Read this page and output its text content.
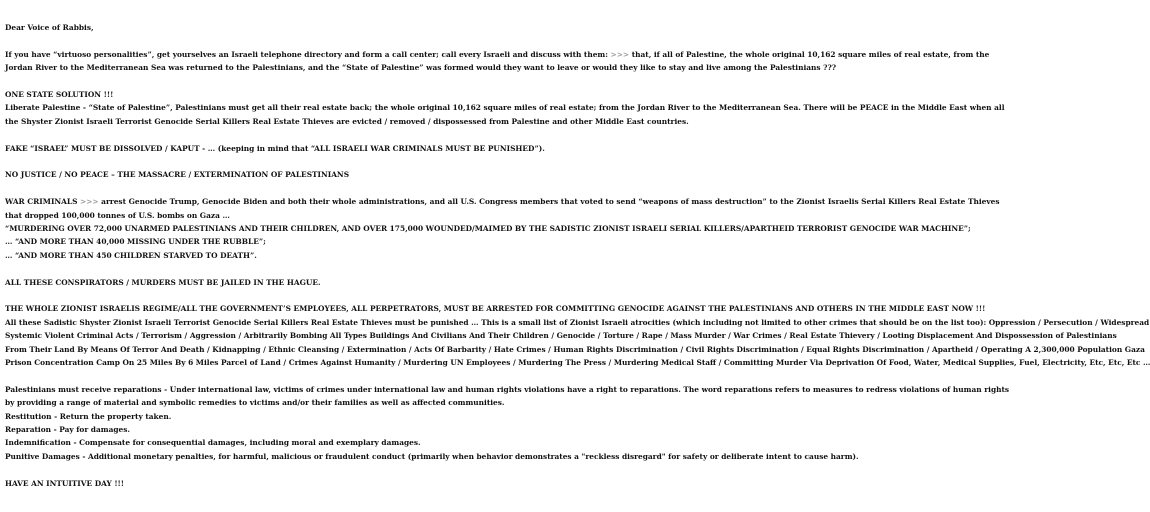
Dear Voice of Rabbis,
If you have “virtuoso personalities”, get yourselves an Israeli telephone directory and form a call center; call every Israeli and discuss with them: >>> that, if all of Palestine, the whole original 10,162 square miles of real estate, from the Jordan River to the Mediterranean Sea was returned to the Palestinians, and the “State of Palestine” was formed would they want to leave or would they like to stay and live among the Palestinians ???
ONE STATE SOLUTION !!!
Liberate Palestine - “State of Palestine”, Palestinians must get all their real estate back; the whole original 10,162 square miles of real estate; from the Jordan River to the Mediterranean Sea. There will be PEACE in the Middle East when all the Shyster Zionist Israeli Terrorist Genocide Serial Killers Real Estate Thieves are evicted / removed / dispossessed from Palestine and other Middle East countries.
FAKE “ISRAEL” MUST BE DISSOLVED / KAPUT - … (keeping in mind that “ALL ISRAELI WAR CRIMINALS MUST BE PUNISHED”).
NO JUSTICE / NO PEACE – THE MASSACRE / EXTERMINATION OF PALESTINIANS
WAR CRIMINALS >>> arrest Genocide Trump, Genocide Biden and both their whole administrations, and all U.S. Congress members that voted to send “weapons of mass destruction” to the Zionist Israelis Serial Killers Real Estate Thieves that dropped 100,000 tonnes of U.S. bombs on Gaza …
“MURDERING OVER 72,000 UNARMED PALESTINIANS AND THEIR CHILDREN, AND OVER 175,000 WOUNDED/MAIMED BY THE SADISTIC ZIONIST ISRAELI SERIAL KILLERS/APARTHEID TERRORIST GENOCIDE WAR MACHINE”;
… “AND MORE THAN 40,000 MISSING UNDER THE RUBBLE”;
… “AND MORE THAN 450 CHILDREN STARVED TO DEATH”.
ALL THESE CONSPIRATORS / MURDERS MUST BE JAILED IN THE HAGUE.
THE WHOLE ZIONIST ISRAELIS REGIME/ALL THE GOVERNMENT’S EMPLOYEES, ALL PERPETRATORS, MUST BE ARRESTED FOR COMMITTING GENOCIDE AGAINST THE PALESTINIANS AND OTHERS IN THE MIDDLE EAST NOW !!!
All these Sadistic Shyster Zionist Israeli Terrorist Genocide Serial Killers Real Estate Thieves must be punished … This is a small list of Zionist Israeli atrocities (which including not limited to other crimes that should be on the list too): Oppression / Persecution / Widespread
Systemic Violent Criminal Acts / Terrorism / Aggression / Arbitrarily Bombing All Types Buildings And Civilians And Their Children / Genocide / Torture / Rape / Mass Murder / War Crimes / Real Estate Thievery / Looting Displacement And Dispossession of Palestinians
From Their Land By Means Of Terror And Death / Kidnapping / Ethnic Cleansing / Extermination / Acts Of Barbarity / Hate Crimes / Human Rights Discrimination / Civil Rights Discrimination / Equal Rights Discrimination / Apartheid / Operating A 2,300,000 Population Gaza
Prison Concentration Camp On 25 Miles By 6 Miles Parcel of Land / Crimes Against Humanity / Murdering UN Employees / Murdering The Press / Murdering Medical Staff / Committing Murder Via Deprivation Of Food, Water, Medical Supplies, Fuel, Electricity, Etc, Etc, Etc …
Palestinians must receive reparations - Under international law, victims of crimes under international law and human rights violations have a right to reparations. The word reparations refers to measures to redress violations of human rights by providing a range of material and symbolic remedies to victims and/or their families as well as affected communities.
Restitution - Return the property taken.
Reparation - Pay for damages.
Indemnification - Compensate for consequential damages, including moral and exemplary damages.
Punitive Damages - Additional monetary penalties, for harmful, malicious or fraudulent conduct (primarily when behavior demonstrates a "reckless disregard" for safety or deliberate intent to cause harm).
HAVE AN INTUITIVE DAY !!!
